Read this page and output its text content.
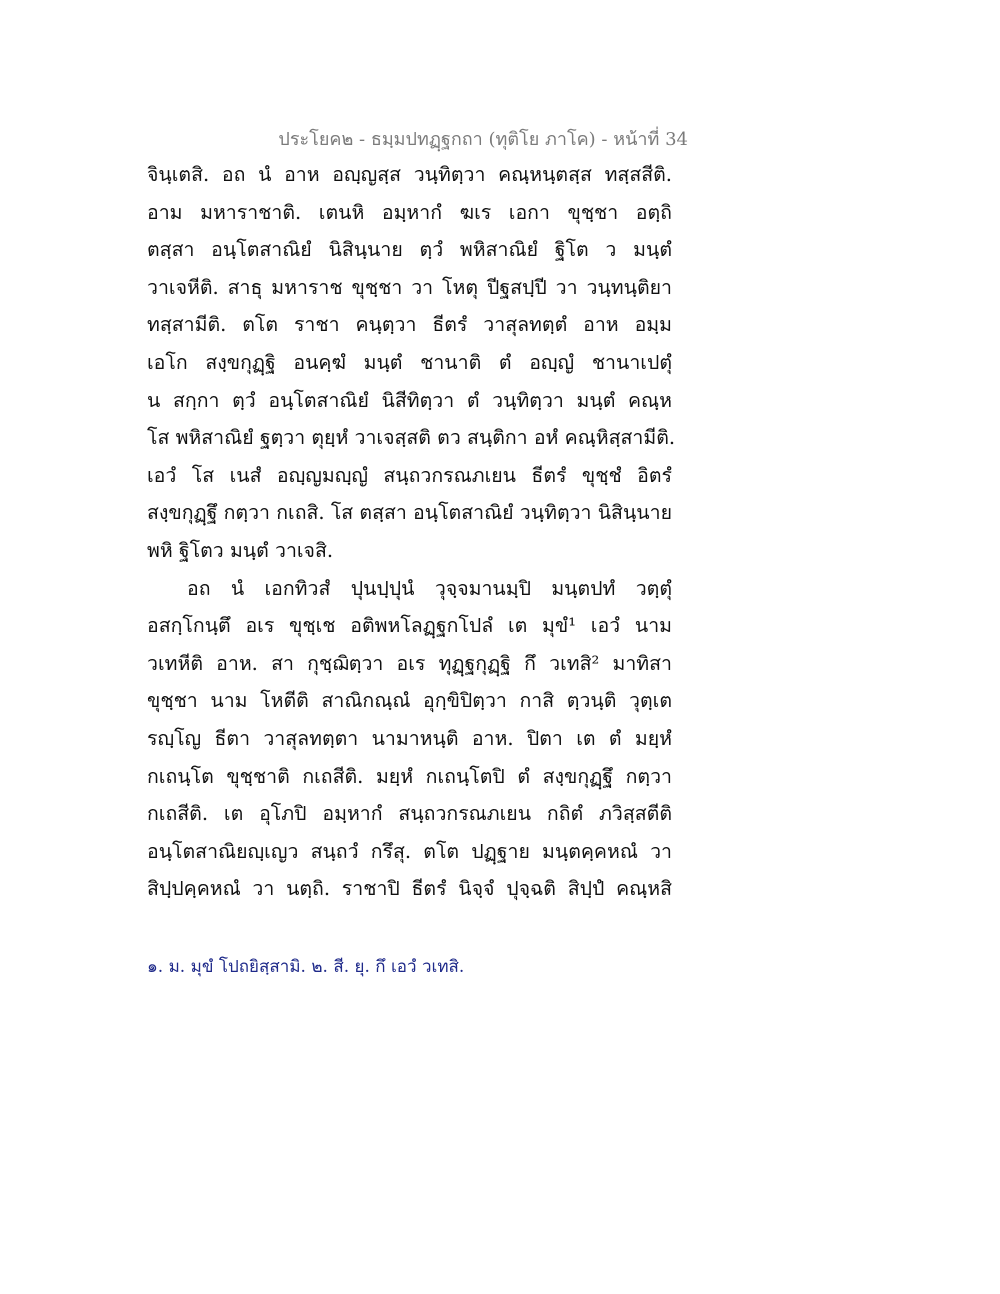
ประโยค๒ - ธมฺมปทฏฺฐกถา (ทุติโย ภาโค) - หน้าที่ 34
จินฺเตสิ. อถ นํ อาห อญฺญสฺส วนฺทิตฺวา คณฺหนฺตสฺส ทสฺสสีติ.
อาม มหาราชาติ. เตนหิ อมฺหากํ ฆเร เอกา ขุชฺชา อตฺถิ
ตสฺสา อนฺโตสาณิยํ นิสินฺนาย ตฺวํ พหิสาณิยํ ฐิโต ว มนฺตํ
วาเจหีติ. สาธุ มหาราช ขุชฺชา วา โหตุ ปีฐสปฺปี วา วนฺทนฺติยา
ทสฺสามีติ. ตโต ราชา คนฺตฺวา ธีตรํ วาสุลทตฺตํ อาห อมฺม
เอโก สงฺขกุฏฺฐิ อนคฺฆํ มนฺตํ ชานาติ ตํ อญฺญํ ชานาเปตุํ
น สกฺกา ตฺวํ อนฺโตสาณิยํ นิสีทิตฺวา ตํ วนฺทิตฺวา มนฺตํ คณฺห
โส พหิสาณิยํ ฐตฺวา ตุยฺหํ วาเจสฺสติ ตว สนฺติกา อหํ คณฺหิสฺสามีติ.
เอวํ โส เนสํ อญฺญมญฺญํ สนฺถวกรณภเยน ธีตรํ ขุชฺชํ อิตรํ
สงฺขกุฏฺฐึ กตฺวา กเถสิ. โส ตสฺสา อนฺโตสาณิยํ วนฺทิตฺวา นิสินฺนาย
พหิ ฐิโตว มนฺตํ วาเจสิ.
อถ นํ เอกทิวสํ ปุนปฺปุนํ วุจฺจมานมฺปิ มนฺตปทํ วตฺตุํ
อสกฺโกนฺตึ อเร ขุชฺเช อติพหโลฏฺฐกโปลํ เต มุขํ¹ เอวํ นาม
วเทหีติ อาห. สา กุชฺฌิตฺวา อเร ทุฏฺฐกุฏฺฐิ กึ วเทสิ² มาทิสา
ขุชฺชา นาม โหตีติ สาณิกณฺณํ อุกฺขิปิตฺวา กาสิ ตฺวนฺติ วุตฺเต
รญฺโญ ธีตา วาสุลทตฺตา นามาหนฺติ อาห. ปิตา เต ตํ มยฺหํ
กเถนฺโต ขุชฺชาติ กเถสีติ. มยฺหํ กเถนฺโตปิ ตํ สงฺขกุฏฺฐึ กตฺวา
กเถสีติ. เต อุโภปิ อมฺหากํ สนฺถวกรณภเยน กถิตํ ภวิสฺสตีติ
อนฺโตสาณิยญฺเญว สนฺถวํ กรึสุ. ตโต ปฏฺฐาย มนฺตคฺคหณํ วา
สิปฺปคฺคหณํ วา นตฺถิ. ราชาปิ ธีตรํ นิจฺจํ ปุจฺฉติ สิปฺปํ คณฺหสิ
๑. ม. มุขํ โปถยิสฺสามิ. ๒. สี. ยุ. กึ เอวํ วเทสิ.
